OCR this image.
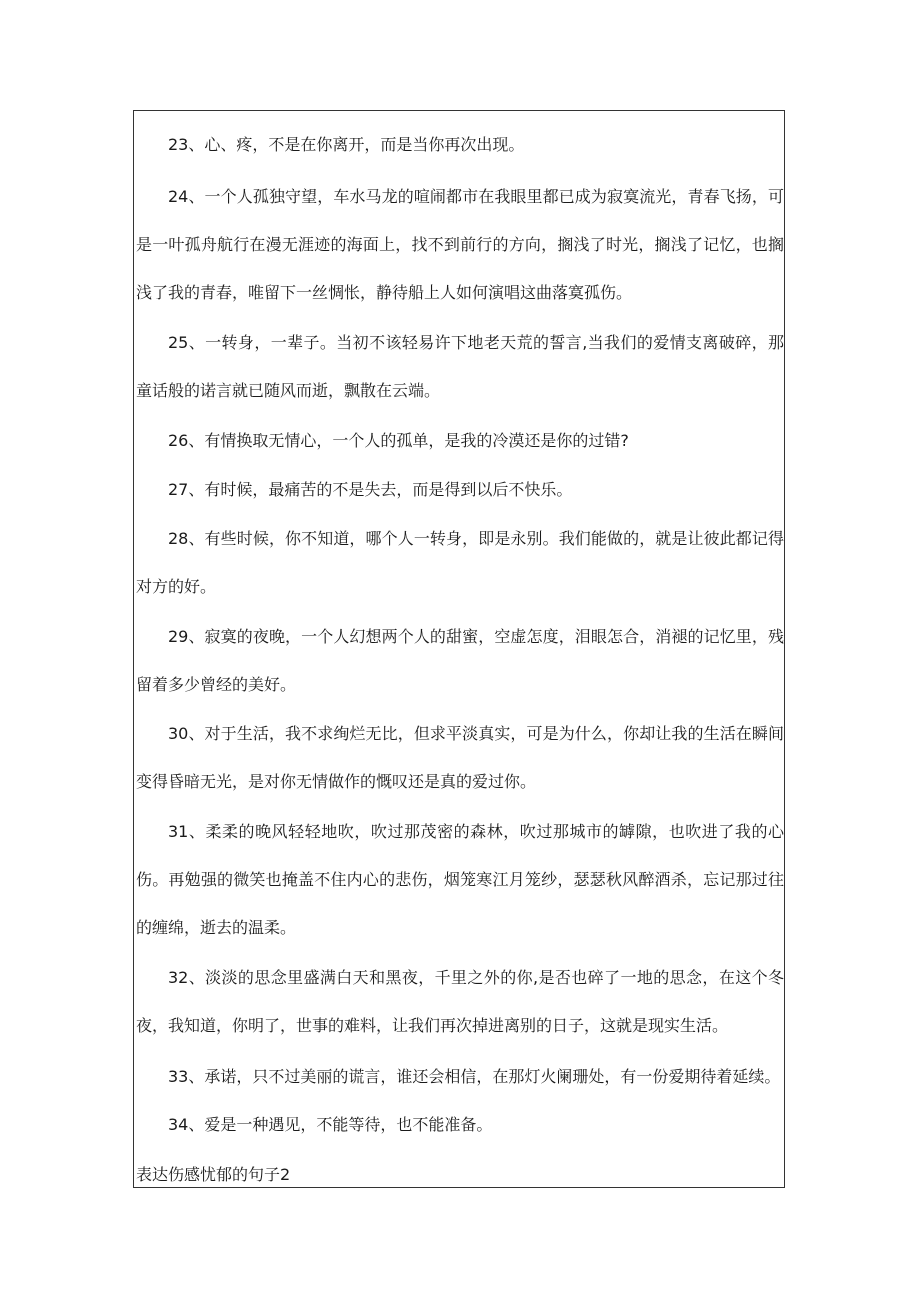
23、心、疼，不是在你离开，而是当你再次出现。

24、一个人孤独守望，车水马龙的喧闹都市在我眼里都已成为寂寞流光，青春飞扬，可是一叶孤舟航行在漫无涯迹的海面上，找不到前行的方向，搁浅了时光，搁浅了记忆，也搁浅了我的青春，唯留下一丝惆怅，静待船上人如何演唱这曲落寞孤伤。

25、一转身，一辈子。当初不该轻易许下地老天荒的誓言,当我们的爱情支离破碎，那童话般的诺言就已随风而逝，飘散在云端。

26、有情换取无情心，一个人的孤单，是我的冷漠还是你的过错?

27、有时候，最痛苦的不是失去，而是得到以后不快乐。

28、有些时候，你不知道，哪个人一转身，即是永别。我们能做的，就是让彼此都记得对方的好。

29、寂寞的夜晚，一个人幻想两个人的甜蜜，空虚怎度，泪眼怎合，消褪的记忆里，残留着多少曾经的美好。

30、对于生活，我不求绚烂无比，但求平淡真实，可是为什么，你却让我的生活在瞬间变得昏暗无光，是对你无情做作的慨叹还是真的爱过你。

31、柔柔的晚风轻轻地吹，吹过那茂密的森林，吹过那城市的罅隙，也吹进了我的心伤。再勉强的微笑也掩盖不住内心的悲伤，烟笼寒江月笼纱，瑟瑟秋风醉酒杀，忘记那过往的缠绵，逝去的温柔。

32、淡淡的思念里盛满白天和黑夜，千里之外的你,是否也碎了一地的思念，在这个冬夜，我知道，你明了，世事的难料，让我们再次掉进离别的日子，这就是现实生活。

33、承诺，只不过美丽的谎言，谁还会相信，在那灯火阑珊处，有一份爱期待着延续。

34、爱是一种遇见，不能等待，也不能准备。

表达伤感忧郁的句子2
